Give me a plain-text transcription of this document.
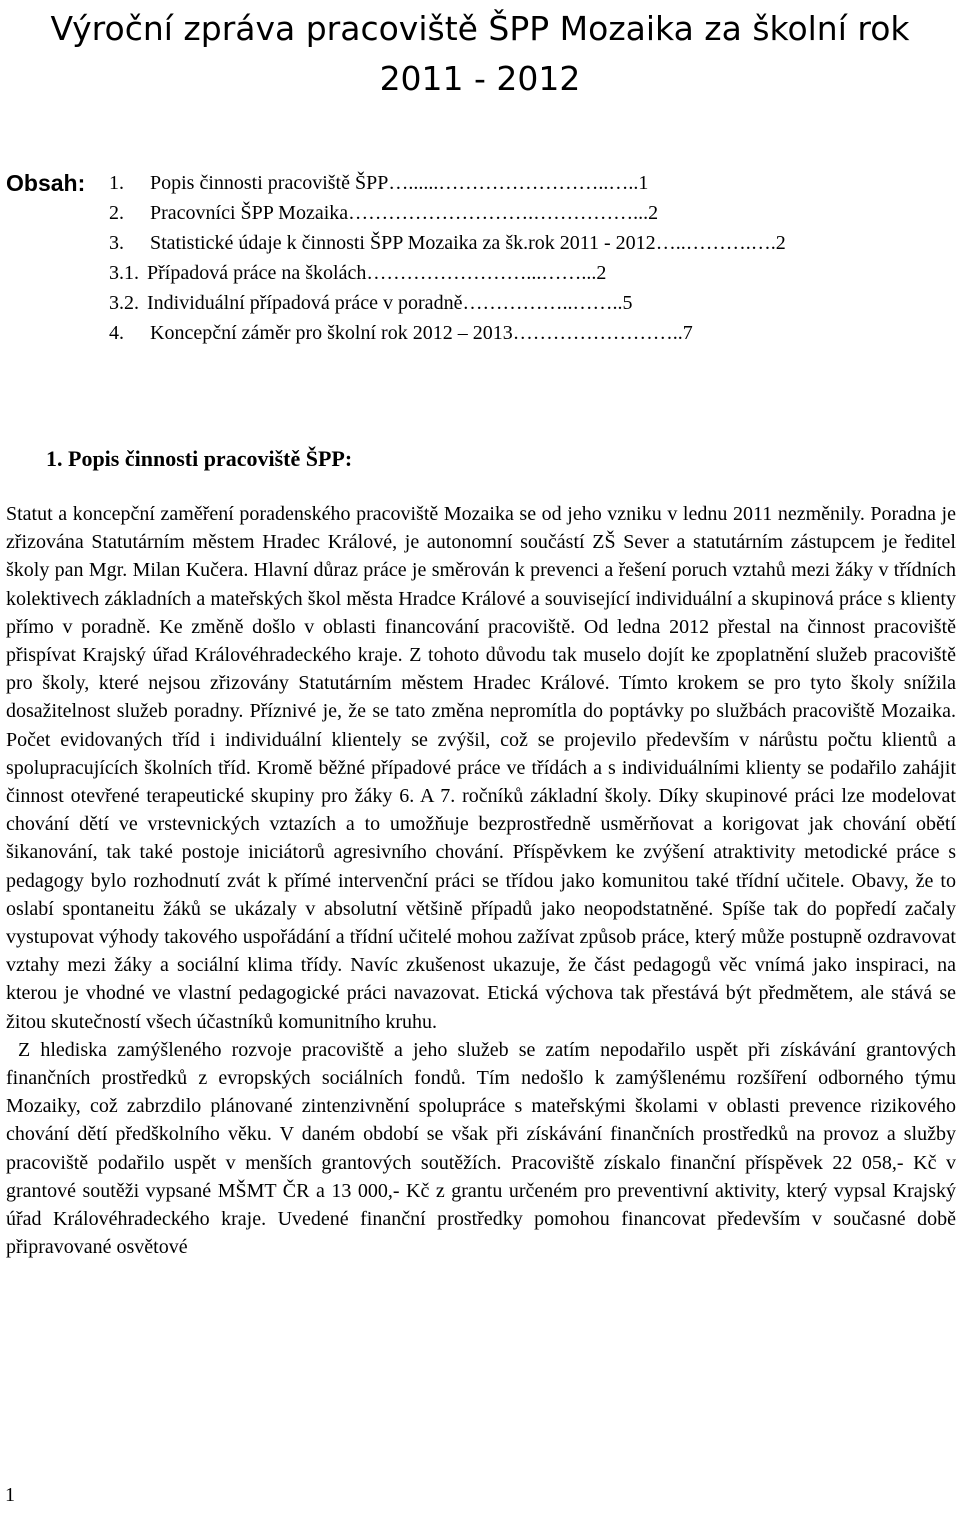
Výroční zpráva pracoviště ŠPP Mozaika za školní rok
2011 - 2012
Obsah: 1. Popis činnosti pracoviště ŠPP…......……………………..…..1
2. Pracovníci ŠPP Mozaika……………………….……………...2
3. Statistické údaje k činnosti ŠPP Mozaika za šk.rok 2011 - 2012…..……….….2
3.1. Případová práce na školách……………………...……...2
3.2. Individuální případová práce v poradně……………..……..5
4. Koncepční záměr pro školní rok 2012 – 2013……………………..7
1. Popis činnosti pracoviště ŠPP:

Statut a koncepční zaměření poradenského pracoviště Mozaika se od jeho vzniku v lednu 2011 nezměnily. Poradna je zřizována Statutárním městem Hradec Králové, je autonomní součástí ZŠ Sever a statutárním zástupcem je ředitel školy pan Mgr. Milan Kučera. Hlavní důraz práce je směrován k prevenci a řešení poruch vztahů mezi žáky v třídních kolektivech základních a mateřských škol města Hradce Králové a související individuální a skupinová práce s klienty přímo v poradně. Ke změně došlo v oblasti financování pracoviště. Od ledna 2012 přestal na činnost pracoviště přispívat Krajský úřad Královéhradeckého kraje. Z tohoto důvodu tak muselo dojít ke zpoplatnění služeb pracoviště pro školy, které nejsou zřizovány Statutárním městem Hradec Králové. Tímto krokem se pro tyto školy snížila dosažitelnost služeb poradny. Příznivé je, že se tato změna nepromítla do poptávky po službách pracoviště Mozaika. Počet evidovaných tříd i individuální klientely se zvýšil, což se projevilo především v nárůstu počtu klientů a spolupracujících školních tříd. Kromě běžné případové práce ve třídách a s individuálními klienty se podařilo zahájit činnost otevřené terapeutické skupiny pro žáky 6. A 7. ročníků základní školy. Díky skupinové práci lze modelovat chování dětí ve vrstevnických vztazích a to umožňuje bezprostředně usměrňovat a korigovat jak chování obětí šikanování, tak také postoje iniciátorů agresivního chování. Příspěvkem ke zvýšení atraktivity metodické práce s pedagogy bylo rozhodnutí zvát k přímé intervenční práci se třídou jako komunitou také třídní učitele. Obavy, že to oslabí spontaneitu žáků se ukázaly v absolutní většině případů jako neopodstatněné. Spíše tak do popředí začaly vystupovat výhody takového uspořádání a třídní učitelé mohou zažívat způsob práce, který může postupně ozdravovat vztahy mezi žáky a sociální klima třídy. Navíc zkušenost ukazuje, že část pedagogů věc vnímá jako inspiraci, na kterou je vhodné ve vlastní pedagogické práci navazovat. Etická výchova tak přestává být předmětem, ale stává se žitou skutečností všech účastníků komunitního kruhu.

Z hlediska zamýšleného rozvoje pracoviště a jeho služeb se zatím nepodařilo uspět při získávání grantových finančních prostředků z evropských sociálních fondů. Tím nedošlo k zamýšlenému rozšíření odborného týmu Mozaiky, což zabrzdilo plánované zintenzivnění spolupráce s mateřskými školami v oblasti prevence rizikového chování dětí předškolního věku. V daném období se však při získávání finančních prostředků na provoz a služby pracoviště podařilo uspět v menších grantových soutěžích. Pracoviště získalo finanční příspěvek 22 058,- Kč v grantové soutěži vypsané MŠMT ČR a 13 000,- Kč z grantu určeném pro preventivní aktivity, který vypsal Krajský úřad Královéhradeckého kraje. Uvedené finanční prostředky pomohou financovat především v současné době připravované osvětové

1
